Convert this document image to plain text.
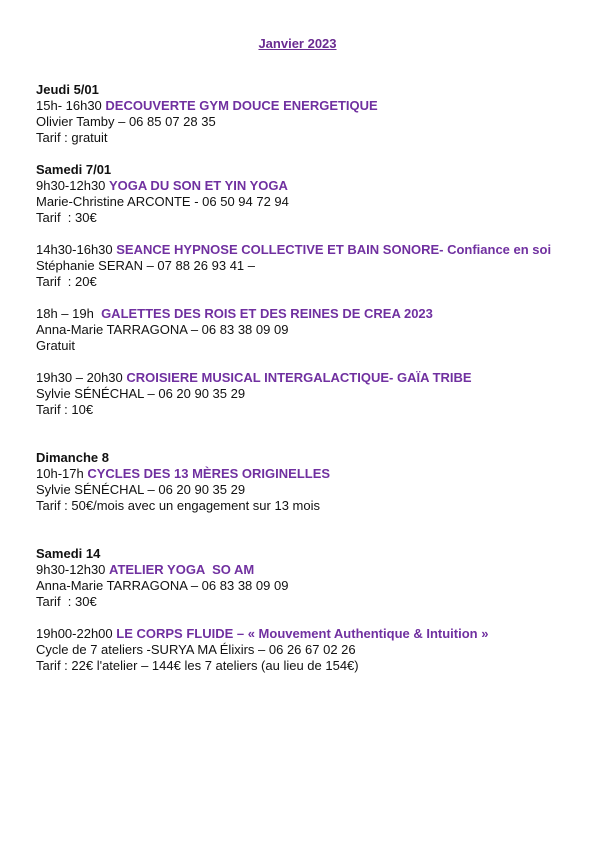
Janvier 2023
Jeudi 5/01
15h- 16h30 DECOUVERTE GYM DOUCE ENERGETIQUE
Olivier Tamby – 06 85 07 28 35
Tarif : gratuit
Samedi 7/01
9h30-12h30 YOGA DU SON ET YIN YOGA
Marie-Christine ARCONTE - 06 50 94 72 94
Tarif  : 30€
14h30-16h30 SEANCE HYPNOSE COLLECTIVE ET BAIN SONORE- Confiance en soi
Stéphanie SERAN – 07 88 26 93 41 –
Tarif  : 20€
18h – 19h  GALETTES DES ROIS ET DES REINES DE CREA 2023
Anna-Marie TARRAGONA – 06 83 38 09 09
Gratuit
19h30 – 20h30 CROISIERE MUSICAL INTERGALACTIQUE- GAÏA TRIBE
Sylvie SÉNÉCHAL – 06 20 90 35 29
Tarif : 10€
Dimanche 8
10h-17h CYCLES DES 13 MÈRES ORIGINELLES
Sylvie SÉNÉCHAL – 06 20 90 35 29
Tarif : 50€/mois avec un engagement sur 13 mois
Samedi 14
9h30-12h30 ATELIER YOGA  SO AM
Anna-Marie TARRAGONA – 06 83 38 09 09
Tarif  : 30€
19h00-22h00 LE CORPS FLUIDE – « Mouvement Authentique & Intuition »
Cycle de 7 ateliers -SURYA MA Élixirs – 06 26 67 02 26
Tarif : 22€ l'atelier – 144€ les 7 ateliers (au lieu de 154€)
